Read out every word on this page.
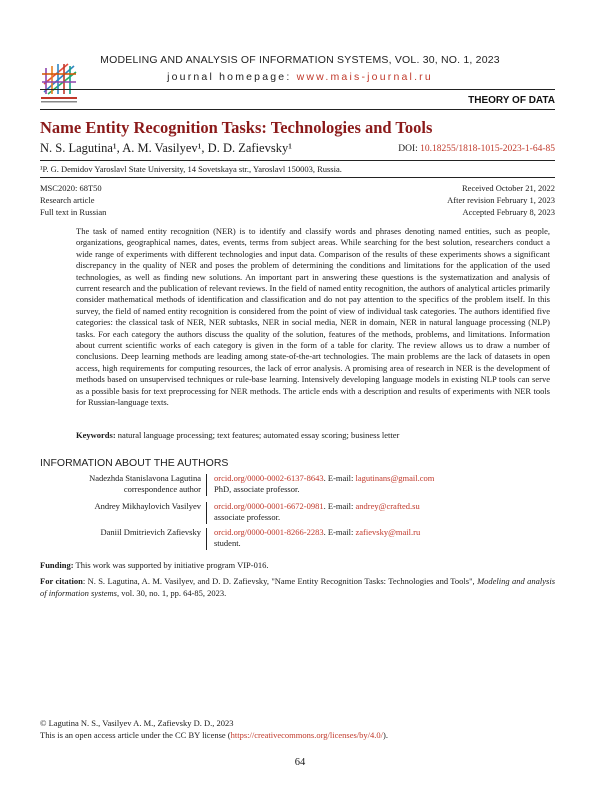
MODELING AND ANALYSIS OF INFORMATION SYSTEMS, VOL. 30, NO. 1, 2023
journal homepage: www.mais-journal.ru
THEORY OF DATA
Name Entity Recognition Tasks: Technologies and Tools
N. S. Lagutina¹, A. M. Vasilyev¹, D. D. Zafievsky¹	DOI: 10.18255/1818-1015-2023-1-64-85
¹P. G. Demidov Yaroslavl State University, 14 Sovetskaya str., Yaroslavl 150003, Russia.
MSC2020: 68T50
Research article
Full text in Russian
Received October 21, 2022
After revision February 1, 2023
Accepted February 8, 2023
The task of named entity recognition (NER) is to identify and classify words and phrases denoting named entities, such as people, organizations, geographical names, dates, events, terms from subject areas. While searching for the best solution, researchers conduct a wide range of experiments with different technologies and input data. Comparison of the results of these experiments shows a significant discrepancy in the quality of NER and poses the problem of determining the conditions and limitations for the application of the used technologies, as well as finding new solutions. An important part in answering these questions is the systematization and analysis of current research and the publication of relevant reviews. In the field of named entity recognition, the authors of analytical articles primarily consider mathematical methods of identification and classification and do not pay attention to the specifics of the problem itself. In this survey, the field of named entity recognition is considered from the point of view of individual task categories. The authors identified five categories: the classical task of NER, NER subtasks, NER in social media, NER in domain, NER in natural language processing (NLP) tasks. For each category the authors discuss the quality of the solution, features of the methods, problems, and limitations. Information about current scientific works of each category is given in the form of a table for clarity. The review allows us to draw a number of conclusions. Deep learning methods are leading among state-of-the-art technologies. The main problems are the lack of datasets in open access, high requirements for computing resources, the lack of error analysis. A promising area of research in NER is the development of methods based on unsupervised techniques or rule-base learning. Intensively developing language models in existing NLP tools can serve as a possible basis for text preprocessing for NER methods. The article ends with a description and results of experiments with NER tools for Russian-language texts.
Keywords: natural language processing; text features; automated essay scoring; business letter
INFORMATION ABOUT THE AUTHORS
Nadezhda Stanislavona Lagutina
correspondence author
orcid.org/0000-0002-6137-8643. E-mail: lagutinans@gmail.com
PhD, associate professor.
Andrey Mikhaylovich Vasilyev orcid.org/0000-0001-6672-0981. E-mail: andrey@crafted.su
associate professor.
Daniil Dmitrievich Zafievsky orcid.org/0000-0001-8266-2283. E-mail: zafievsky@mail.ru
student.
Funding: This work was supported by initiative program VIP-016.
For citation: N. S. Lagutina, A. M. Vasilyev, and D. D. Zafievsky, "Name Entity Recognition Tasks: Technologies and Tools", Modeling and analysis of information systems, vol. 30, no. 1, pp. 64-85, 2023.
© Lagutina N. S., Vasilyev A. M., Zafievsky D. D., 2023
This is an open access article under the CC BY license (https://creativecommons.org/licenses/by/4.0/).
64
